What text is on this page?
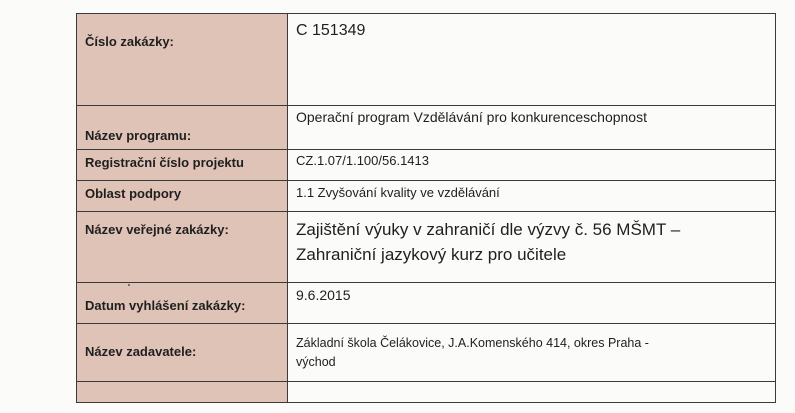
Číslo zakázky:	C 151349

Název programu:	Operační program Vzdělávání pro konkurenceschopnost

Registrační číslo projektu	CZ.1.07/1.100/56.1413

Oblast podpory	1.1 Zvyšování kvality ve vzdělávání

Název veřejné zakázky:	Zajištění výuky v zahraničí dle výzvy č. 56 MŠMT –
Zahraniční jazykový kurz pro učitele

Datum vyhlášení zakázky:	9.6.2015

Název zadavatele:	Základní škola Čelákovice, J.A.Komenského 414, okres Praha -
východ
